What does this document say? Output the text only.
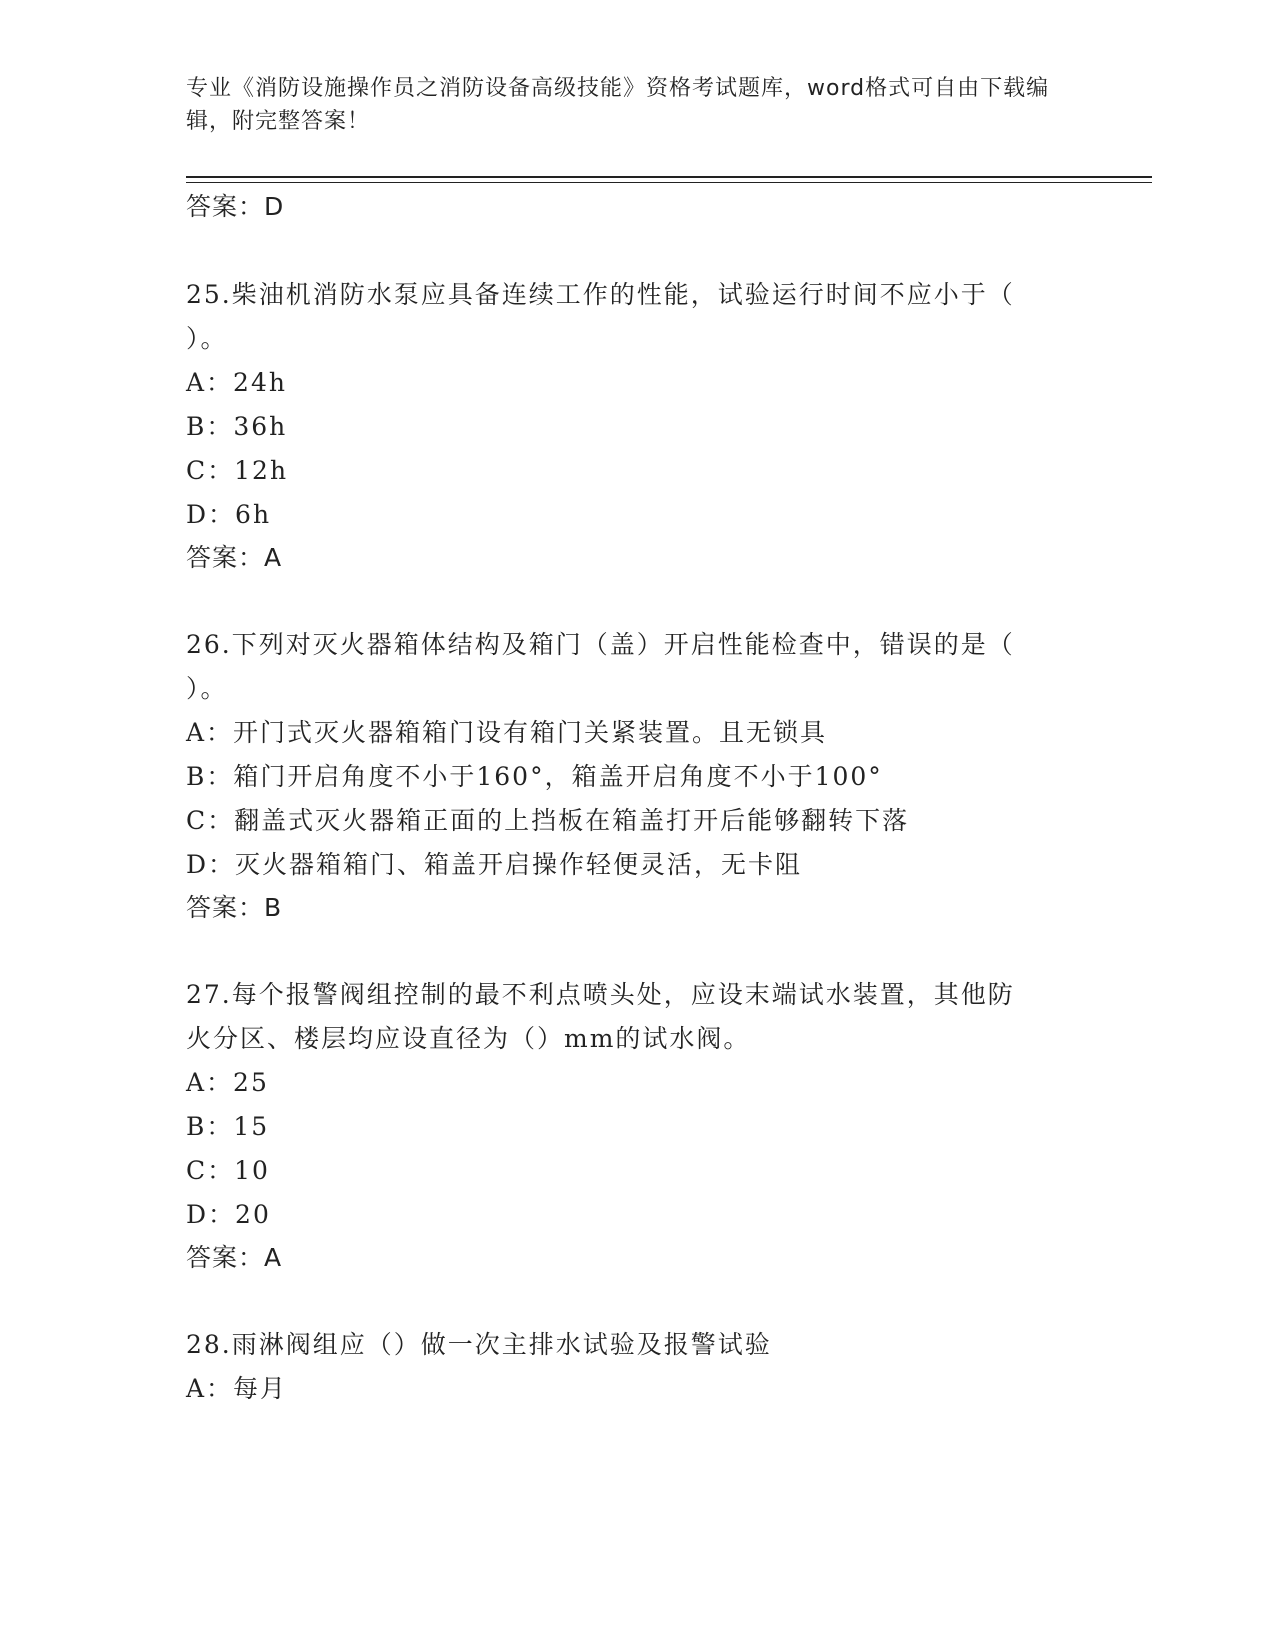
专业《消防设施操作员之消防设备高级技能》资格考试题库，word格式可自由下载编辑，附完整答案！
答案：D
25.柴油机消防水泵应具备连续工作的性能，试验运行时间不应小于（
）。
A：24h
B：36h
C：12h
D：6h
答案：A
26.下列对灭火器箱体结构及箱门（盖）开启性能检查中，错误的是（
）。
A：开门式灭火器箱箱门设有箱门关紧装置。且无锁具
B：箱门开启角度不小于160°，箱盖开启角度不小于100°
C：翻盖式灭火器箱正面的上挡板在箱盖打开后能够翻转下落
D：灭火器箱箱门、箱盖开启操作轻便灵活，无卡阻
答案：B
27.每个报警阀组控制的最不利点喷头处，应设末端试水装置，其他防
火分区、楼层均应设直径为（）mm的试水阀。
A：25
B：15
C：10
D：20
答案：A
28.雨淋阀组应（）做一次主排水试验及报警试验
A：每月
